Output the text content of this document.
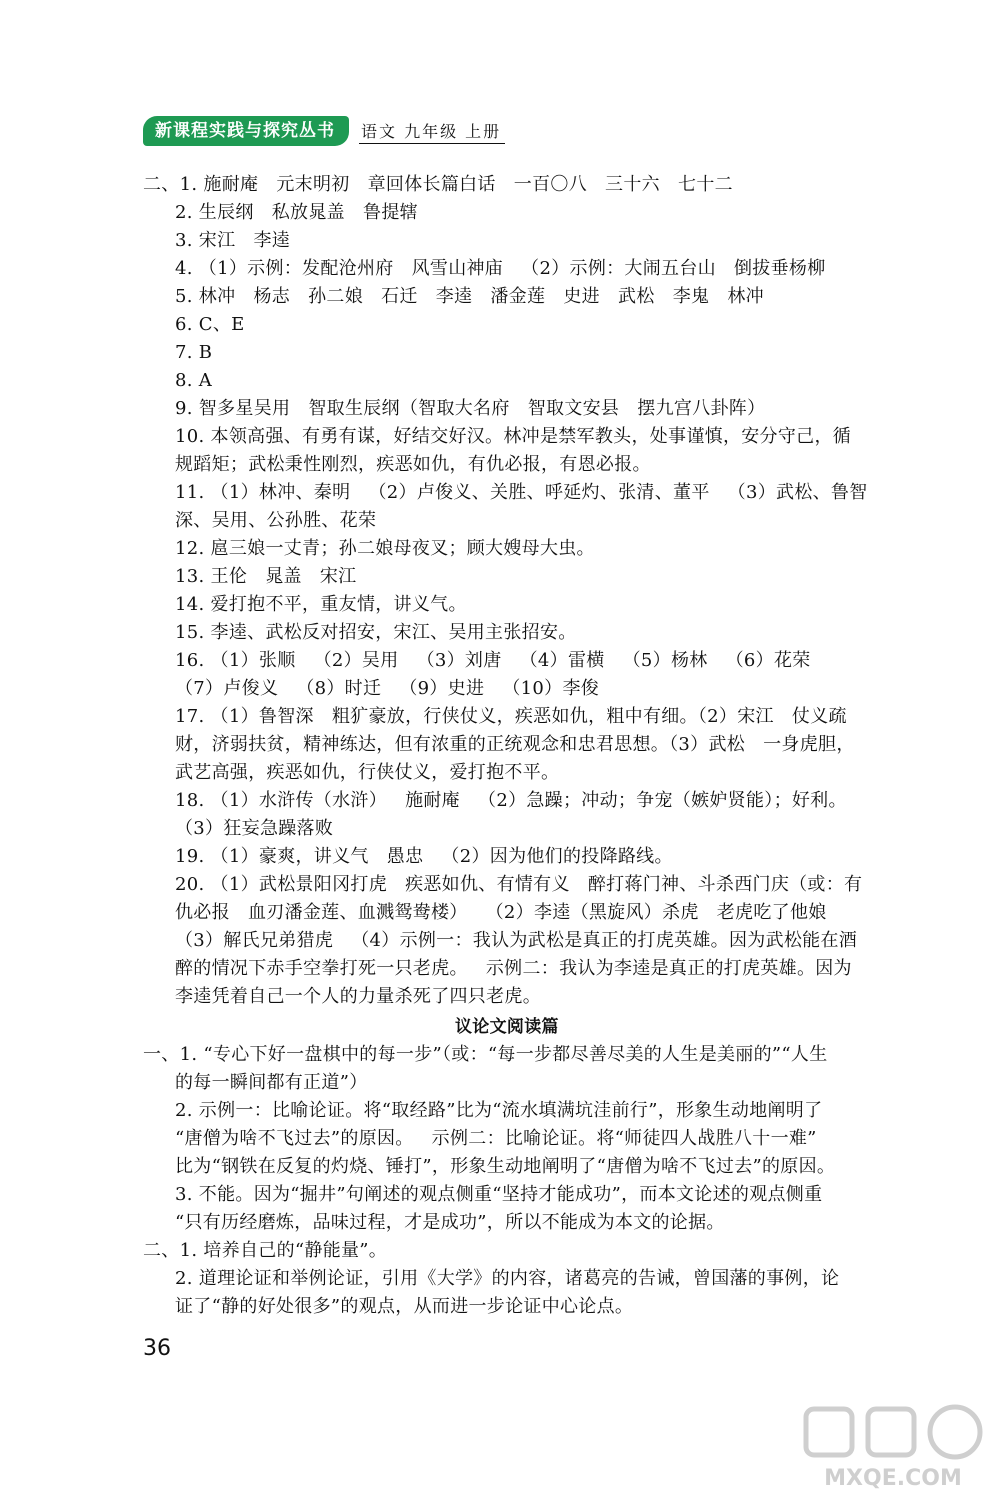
新课程实践与探究丛书	语文 九年级 上册
二、1. 施耐庵   元末明初   章回体长篇白话   一百〇八   三十六   七十二
2. 生辰纲   私放晁盖   鲁提辖
3. 宋江   李逵
4. （1）示例：发配沧州府   风雪山神庙   （2）示例：大闹五台山   倒拔垂杨柳
5. 林冲   杨志   孙二娘   石迁   李逵   潘金莲   史进   武松   李鬼   林冲
6. C、E
7. B
8. A
9. 智多星吴用   智取生辰纲（智取大名府   智取文安县   摆九宫八卦阵）
10. 本领高强、有勇有谋，好结交好汉。林冲是禁军教头，处事谨慎，安分守己，循
规蹈矩；武松秉性刚烈，疾恶如仇，有仇必报，有恩必报。
11. （1）林冲、秦明   （2）卢俊义、关胜、呼延灼、张清、董平   （3）武松、鲁智
深、吴用、公孙胜、花荣
12. 扈三娘一丈青；孙二娘母夜叉；顾大嫂母大虫。
13. 王伦   晁盖   宋江
14. 爱打抱不平，重友情，讲义气。
15. 李逵、武松反对招安，宋江、吴用主张招安。
16. （1）张顺   （2）吴用   （3）刘唐   （4）雷横   （5）杨林   （6）花荣
（7）卢俊义   （8）时迁   （9）史进   （10）李俊
17. （1）鲁智深   粗犷豪放，行侠仗义，疾恶如仇，粗中有细。（2）宋江   仗义疏
财，济弱扶贫，精神练达，但有浓重的正统观念和忠君思想。（3）武松   一身虎胆，
武艺高强，疾恶如仇，行侠仗义，爱打抱不平。
18. （1）水浒传（水浒）   施耐庵   （2）急躁；冲动；争宠（嫉妒贤能）；好利。
（3）狂妄急躁落败
19. （1）豪爽，讲义气   愚忠   （2）因为他们的投降路线。
20. （1）武松景阳冈打虎   疾恶如仇、有情有义   醉打蒋门神、斗杀西门庆（或：有
仇必报   血刃潘金莲、血溅鸳鸯楼）   （2）李逵（黑旋风）杀虎   老虎吃了他娘
（3）解氏兄弟猎虎   （4）示例一：我认为武松是真正的打虎英雄。因为武松能在酒
醉的情况下赤手空拳打死一只老虎。   示例二：我认为李逵是真正的打虎英雄。因为
李逵凭着自己一个人的力量杀死了四只老虎。
议论文阅读篇
一、1. “专心下好一盘棋中的每一步”（或：“每一步都尽善尽美的人生是美丽的”“人生
的每一瞬间都有正道”）
2. 示例一：比喻论证。将“取经路”比为“流水填满坑洼前行”，形象生动地阐明了
“唐僧为啥不飞过去”的原因。   示例二：比喻论证。将“师徒四人战胜八十一难”
比为“钢铁在反复的灼烧、锤打”，形象生动地阐明了“唐僧为啥不飞过去”的原因。
3. 不能。因为“掘井”句阐述的观点侧重“坚持才能成功”，而本文论述的观点侧重
“只有历经磨炼，品味过程，才是成功”，所以不能成为本文的论据。
二、1. 培养自己的“静能量”。
2. 道理论证和举例论证，引用《大学》的内容，诸葛亮的告诫，曾国藩的事例，论
证了“静的好处很多”的观点，从而进一步论证中心论点。
36
MXQE.COM
